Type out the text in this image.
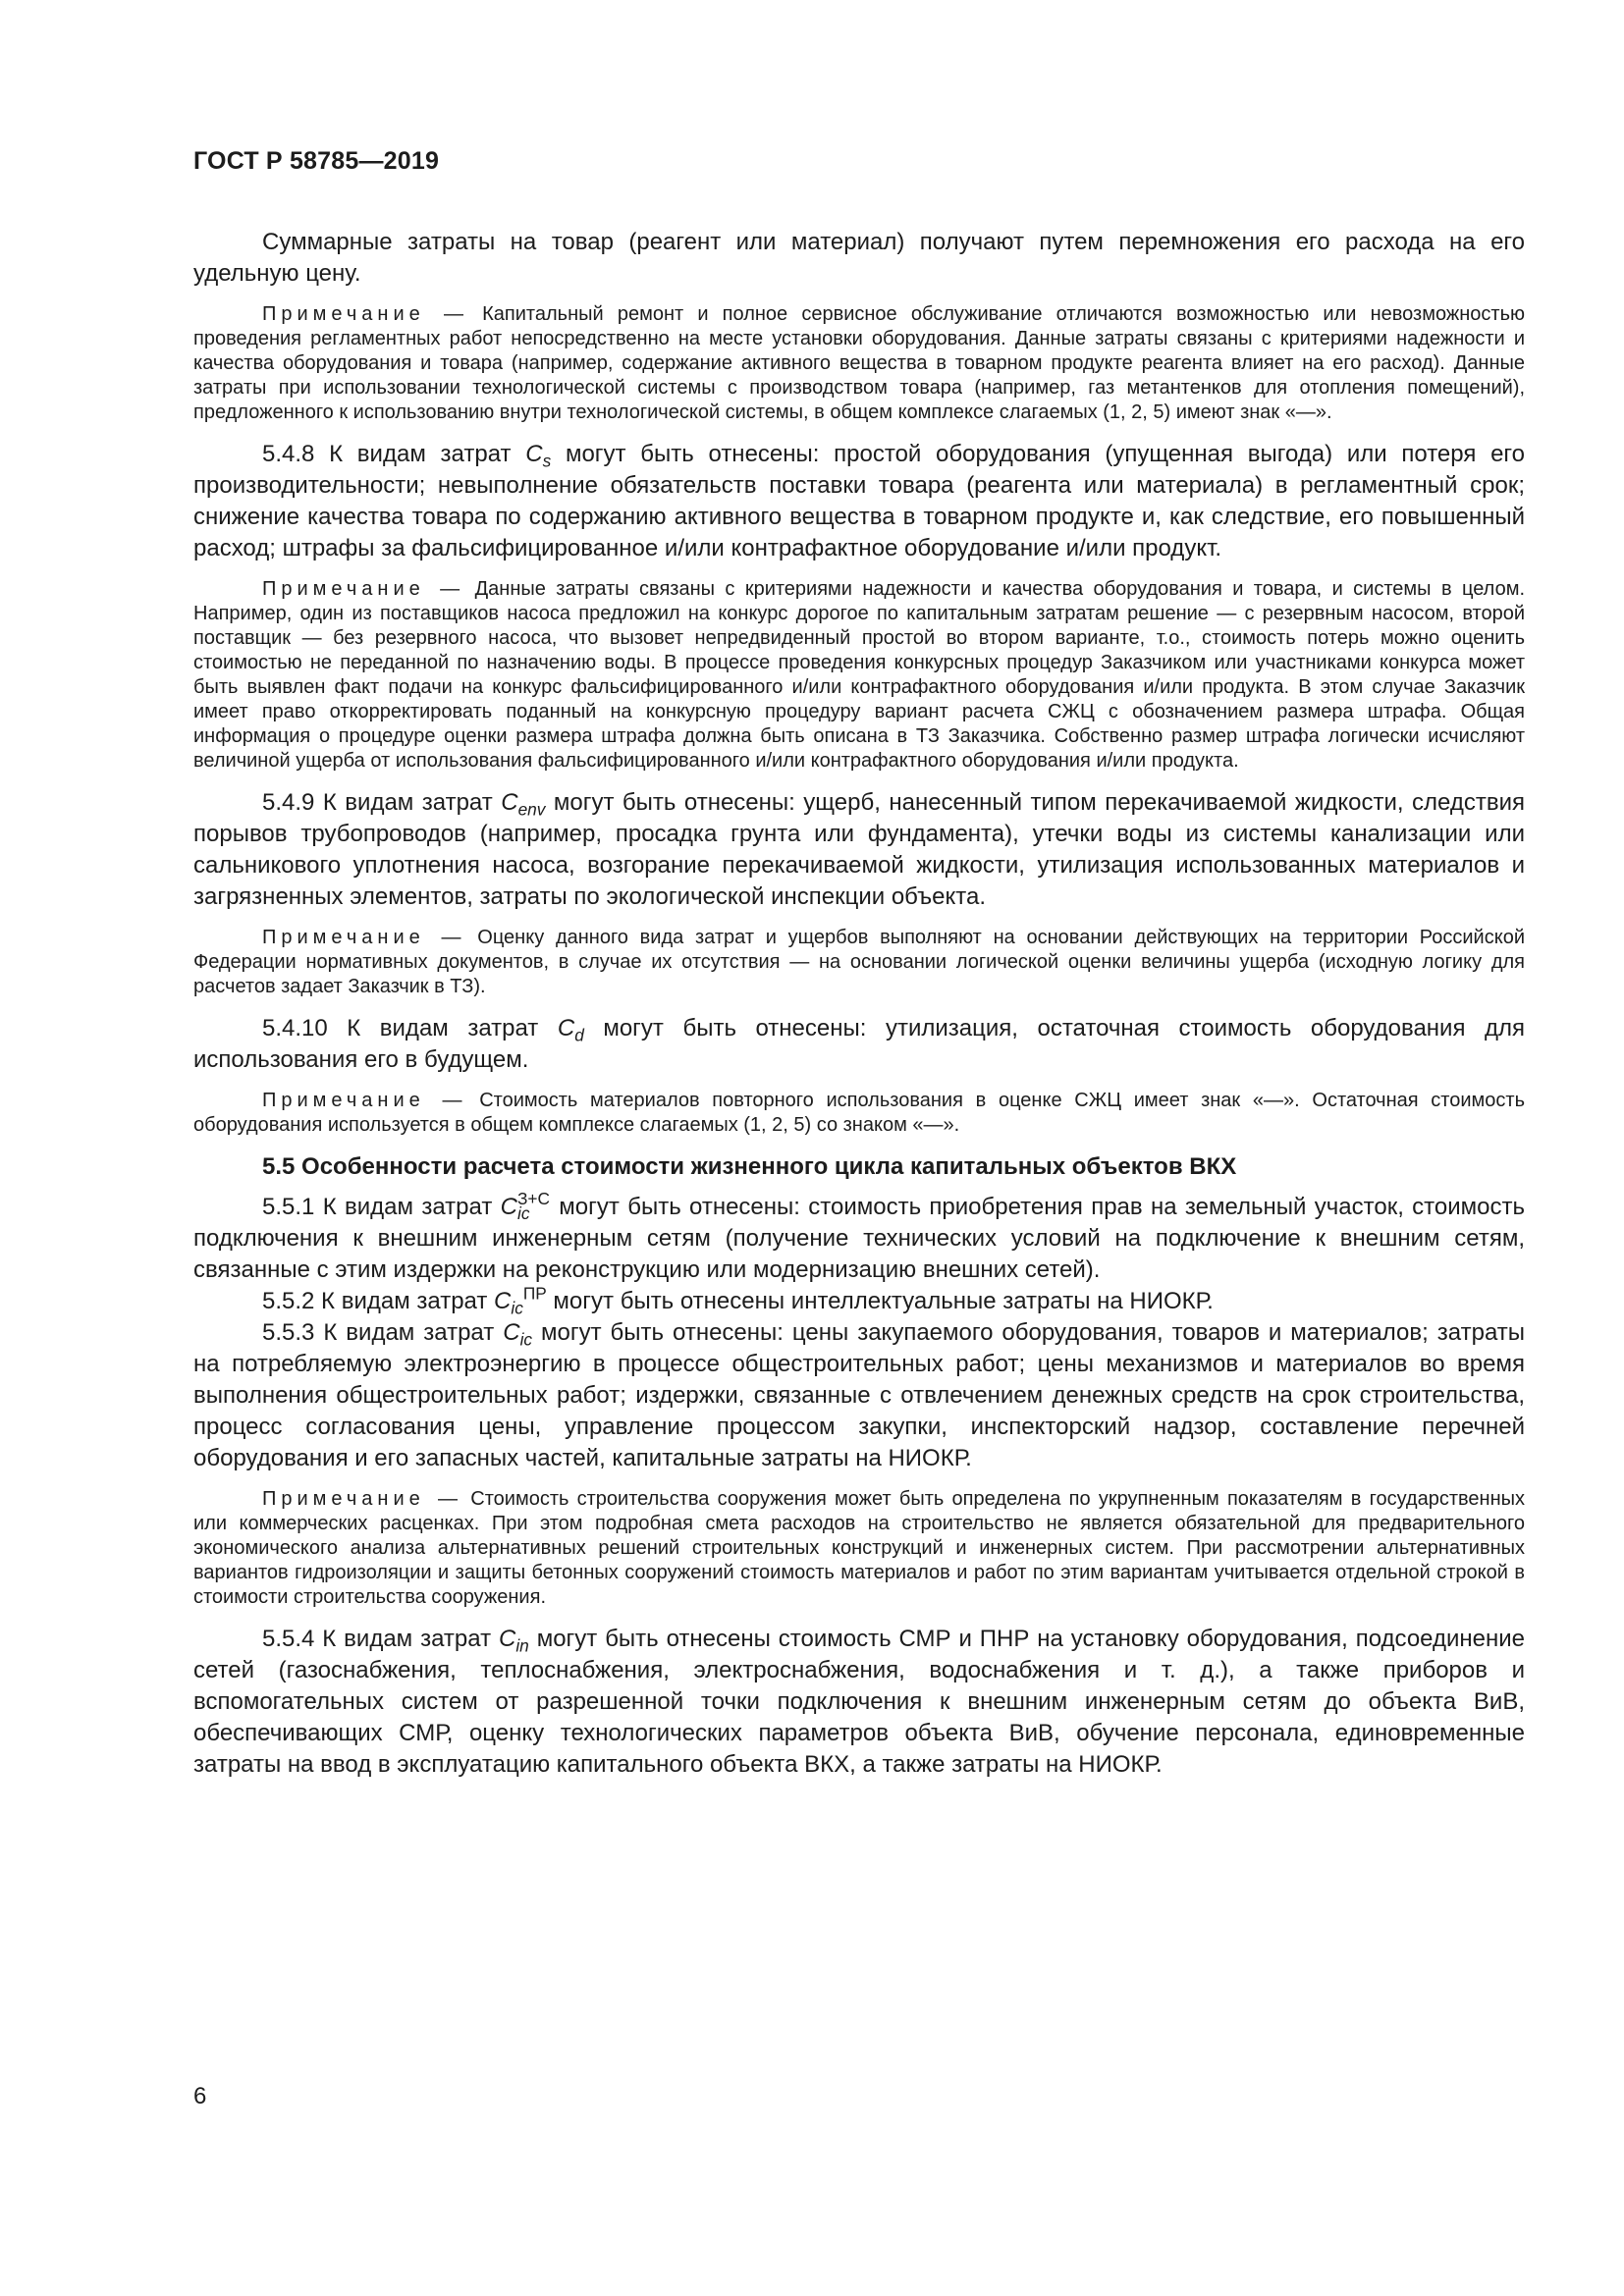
ГОСТ Р 58785—2019

Суммарные затраты на товар (реагент или материал) получают путем перемножения его расхода на его удельную цену.

Примечание — Капитальный ремонт и полное сервисное обслуживание отличаются возможностью или невозможностью проведения регламентных работ непосредственно на месте установки оборудования. Данные затраты связаны с критериями надежности и качества оборудования и товара (например, содержание активного вещества в товарном продукте реагента влияет на его расход). Данные затраты при использовании технологической системы с производством товара (например, газ метантенков для отопления помещений), предложенного к использованию внутри технологической системы, в общем комплексе слагаемых (1, 2, 5) имеют знак «—».

5.4.8 К видам затрат $C_s$ могут быть отнесены: простой оборудования (упущенная выгода) или потеря его производительности; невыполнение обязательств поставки товара (реагента или материала) в регламентный срок; снижение качества товара по содержанию активного вещества в товарном продукте и, как следствие, его повышенный расход; штрафы за фальсифицированное и/или контрафактное оборудование и/или продукт.

Примечание — Данные затраты связаны с критериями надежности и качества оборудования и товара, и системы в целом. Например, один из поставщиков насоса предложил на конкурс дорогое по капитальным затратам решение — с резервным насосом, второй поставщик — без резервного насоса, что вызовет непредвиденный простой во втором варианте, т.о., стоимость потерь можно оценить стоимостью не переданной по назначению воды. В процессе проведения конкурсных процедур Заказчиком или участниками конкурса может быть выявлен факт подачи на конкурс фальсифицированного и/или контрафактного оборудования и/или продукта. В этом случае Заказчик имеет право откорректировать поданный на конкурсную процедуру вариант расчета СЖЦ с обозначением размера штрафа. Общая информация о процедуре оценки размера штрафа должна быть описана в ТЗ Заказчика. Собственно размер штрафа логически исчисляют величиной ущерба от использования фальсифицированного и/или контрафактного оборудования и/или продукта.

5.4.9 К видам затрат $C_{env}$ могут быть отнесены: ущерб, нанесенный типом перекачиваемой жидкости, следствия порывов трубопроводов (например, просадка грунта или фундамента), утечки воды из системы канализации или сальникового уплотнения насоса, возгорание перекачиваемой жидкости, утилизация использованных материалов и загрязненных элементов, затраты по экологической инспекции объекта.

Примечание — Оценку данного вида затрат и ущербов выполняют на основании действующих на территории Российской Федерации нормативных документов, в случае их отсутствия — на основании логической оценки величины ущерба (исходную логику для расчетов задает Заказчик в ТЗ).

5.4.10 К видам затрат $C_d$ могут быть отнесены: утилизация, остаточная стоимость оборудования для использования его в будущем.

Примечание — Стоимость материалов повторного использования в оценке СЖЦ имеет знак «—». Остаточная стоимость оборудования используется в общем комплексе слагаемых (1, 2, 5) со знаком «—».

5.5 Особенности расчета стоимости жизненного цикла капитальных объектов ВКХ

5.5.1 К видам затрат C З+С
ic могут быть отнесены: стоимость приобретения прав на земельный участок, стоимость подключения к внешним инженерным сетям (получение технических условий на подключение к внешним сетям, связанные с этим издержки на реконструкцию или модернизацию внешних сетей).

5.5.2 К видам затрат $C_{ic}^{ПР}$ могут быть отнесены интеллектуальные затраты на НИОКР.

5.5.3 К видам затрат $C_{ic}$ могут быть отнесены: цены закупаемого оборудования, товаров и материалов; затраты на потребляемую электроэнергию в процессе общестроительных работ; цены механизмов и материалов во время выполнения общестроительных работ; издержки, связанные с отвлечением денежных средств на срок строительства, процесс согласования цены, управление процессом закупки, инспекторский надзор, составление перечней оборудования и его запасных частей, капитальные затраты на НИОКР.

Примечание — Стоимость строительства сооружения может быть определена по укрупненным показателям в государственных или коммерческих расценках. При этом подробная смета расходов на строительство не является обязательной для предварительного экономического анализа альтернативных решений строительных конструкций и инженерных систем. При рассмотрении альтернативных вариантов гидроизоляции и защиты бетонных сооружений стоимость материалов и работ по этим вариантам учитывается отдельной строкой в стоимости строительства сооружения.

5.5.4 К видам затрат $C_{in}$ могут быть отнесены стоимость СМР и ПНР на установку оборудования, подсоединение сетей (газоснабжения, теплоснабжения, электроснабжения, водоснабжения и т. д.), а также приборов и вспомогательных систем от разрешенной точки подключения к внешним инженерным сетям до объекта ВиВ, обеспечивающих СМР, оценку технологических параметров объекта ВиВ, обучение персонала, единовременные затраты на ввод в эксплуатацию капитального объекта ВКХ, а также затраты на НИОКР.

6
